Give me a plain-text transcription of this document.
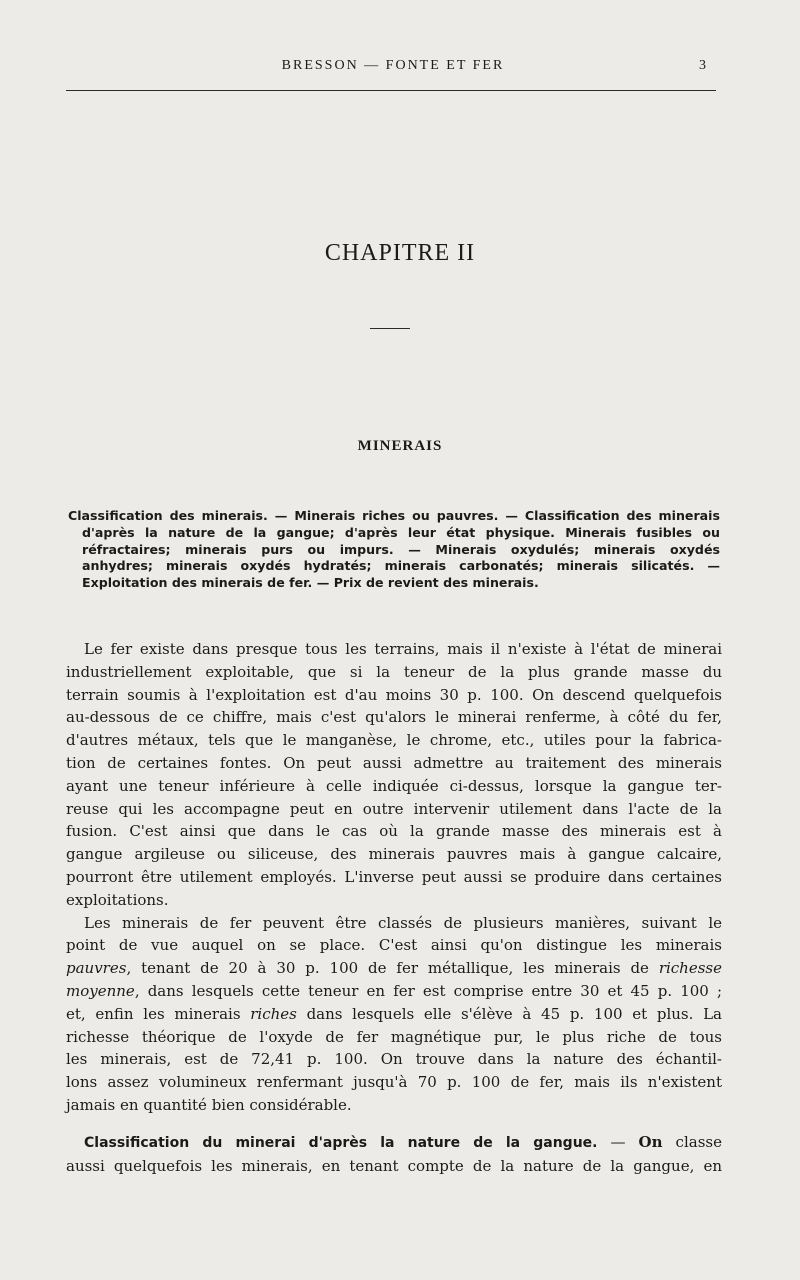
BRESSON — FONTE ET FER	3
CHAPITRE II
MINERAIS
Classification des minerais. — Minerais riches ou pauvres. — Classification des minerais
d'après la nature de la gangue; d'après leur état physique. Minerais fusibles ou
réfractaires; minerais purs ou impurs. — Minerais oxydulés; minerais oxydés
anhydres; minerais oxydés hydratés; minerais carbonatés; minerais silicatés. —
Exploitation des minerais de fer. — Prix de revient des minerais.
Le fer existe dans presque tous les terrains, mais il n'existe à l'état de minerai
industriellement exploitable, que si la teneur de la plus grande masse du
terrain soumis à l'exploitation est d'au moins 30 p. 100. On descend quelquefois
au-dessous de ce chiffre, mais c'est qu'alors le minerai renferme, à côté du fer,
d'autres métaux, tels que le manganèse, le chrome, etc., utiles pour la fabrica-
tion de certaines fontes. On peut aussi admettre au traitement des minerais
ayant une teneur inférieure à celle indiquée ci-dessus, lorsque la gangue ter-
reuse qui les accompagne peut en outre intervenir utilement dans l'acte de la
fusion. C'est ainsi que dans le cas où la grande masse des minerais est à
gangue argileuse ou siliceuse, des minerais pauvres mais à gangue calcaire,
pourront être utilement employés. L'inverse peut aussi se produire dans certaines
exploitations.
Les minerais de fer peuvent être classés de plusieurs manières, suivant le
point de vue auquel on se place. C'est ainsi qu'on distingue les minerais
pauvres, tenant de 20 à 30 p. 100 de fer métallique, les minerais de richesse
moyenne, dans lesquels cette teneur en fer est comprise entre 30 et 45 p. 100 ;
et, enfin les minerais riches dans lesquels elle s'élève à 45 p. 100 et plus. La
richesse théorique de l'oxyde de fer magnétique pur, le plus riche de tous
les minerais, est de 72,41 p. 100. On trouve dans la nature des échantil-
lons assez volumineux renfermant jusqu'à 70 p. 100 de fer, mais ils n'existent
jamais en quantité bien considérable.
Classification du minerai d'après la nature de la gangue. — On classe
aussi quelquefois les minerais, en tenant compte de la nature de la gangue, en
